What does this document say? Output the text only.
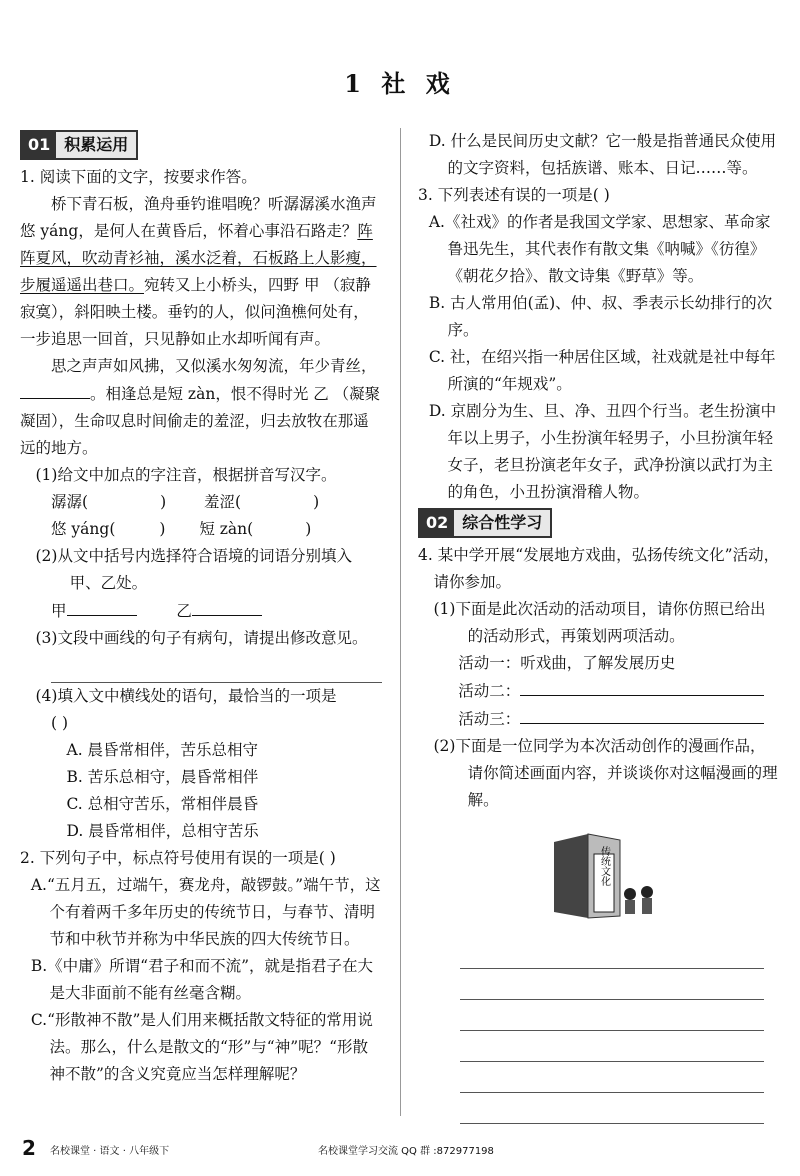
1 社 戏
01 积累运用

1. 阅读下面的文字，按要求作答。

桥下青石板，渔舟垂钓谁唱晚？听潺潺溪水渔声悠 yáng，是何人在黄昏后，怀着心事沿石路走？阵阵夏风，吹动青衫袖，溪水泛着，石板路上人影瘦，步履遥遥出巷口。宛转又上小桥头，四野 甲 （寂静 寂寞），斜阳映土楼。垂钓的人，似问渔樵何处有，一步追思一回首，只见静如止水却听闻有声。

思之声声如风拂，又似溪水匆匆流，年少青丝，。相逢总是短 zàn，恨不得时光 乙 （凝聚 凝固），生命叹息时间偷走的羞涩，归去放牧在那遥远的地方。

(1)给文中加点的字注音，根据拼音写汉字。

潺潺(	) 羞涩(	)

悠 yáng(	) 短 zàn(	)

(2)从文中括号内选择符合语境的词语分别填入甲、乙处。

甲	乙

(3)文段中画线的句子有病句，请提出修改意见。

(4)填入文中横线处的语句，最恰当的一项是

( )

A. 晨昏常相伴，苦乐总相守

B. 苦乐总相守，晨昏常相伴

C. 总相守苦乐，常相伴晨昏

D. 晨昏常相伴，总相守苦乐

2. 下列句子中，标点符号使用有误的一项是( )

A.“五月五，过端午，赛龙舟，敲锣鼓。”端午节，这个有着两千多年历史的传统节日，与春节、清明节和中秋节并称为中华民族的四大传统节日。

B.《中庸》所谓“君子和而不流”，就是指君子在大是大非面前不能有丝毫含糊。

C.“形散神不散”是人们用来概括散文特征的常用说法。那么，什么是散文的“形”与“神”呢？“形散神不散”的含义究竟应当怎样理解呢？

D. 什么是民间历史文献？它一般是指普通民众使用的文字资料，包括族谱、账本、日记……等。

3. 下列表述有误的一项是( )

A.《社戏》的作者是我国文学家、思想家、革命家鲁迅先生，其代表作有散文集《呐喊》《彷徨》《朝花夕拾》、散文诗集《野草》等。

B. 古人常用伯(孟)、仲、叔、季表示长幼排行的次序。

C. 社，在绍兴指一种居住区域，社戏就是社中每年所演的“年规戏”。

D. 京剧分为生、旦、净、丑四个行当。老生扮演中年以上男子，小生扮演年轻男子，小旦扮演年轻女子，老旦扮演老年女子，武净扮演以武打为主的角色，小丑扮演滑稽人物。

02 综合性学习

4. 某中学开展“发展地方戏曲，弘扬传统文化”活动，请你参加。

(1)下面是此次活动的活动项目，请你仿照已给出的活动形式，再策划两项活动。

活动一：听戏曲，了解发展历史

活动二：

活动三：

(2)下面是一位同学为本次活动创作的漫画作品，请你简述画面内容，并谈谈你对这幅漫画的理解。

传统文化
2 名校课堂 · 语文 · 八年级下	名校课堂学习交流 QQ 群 :872977198
